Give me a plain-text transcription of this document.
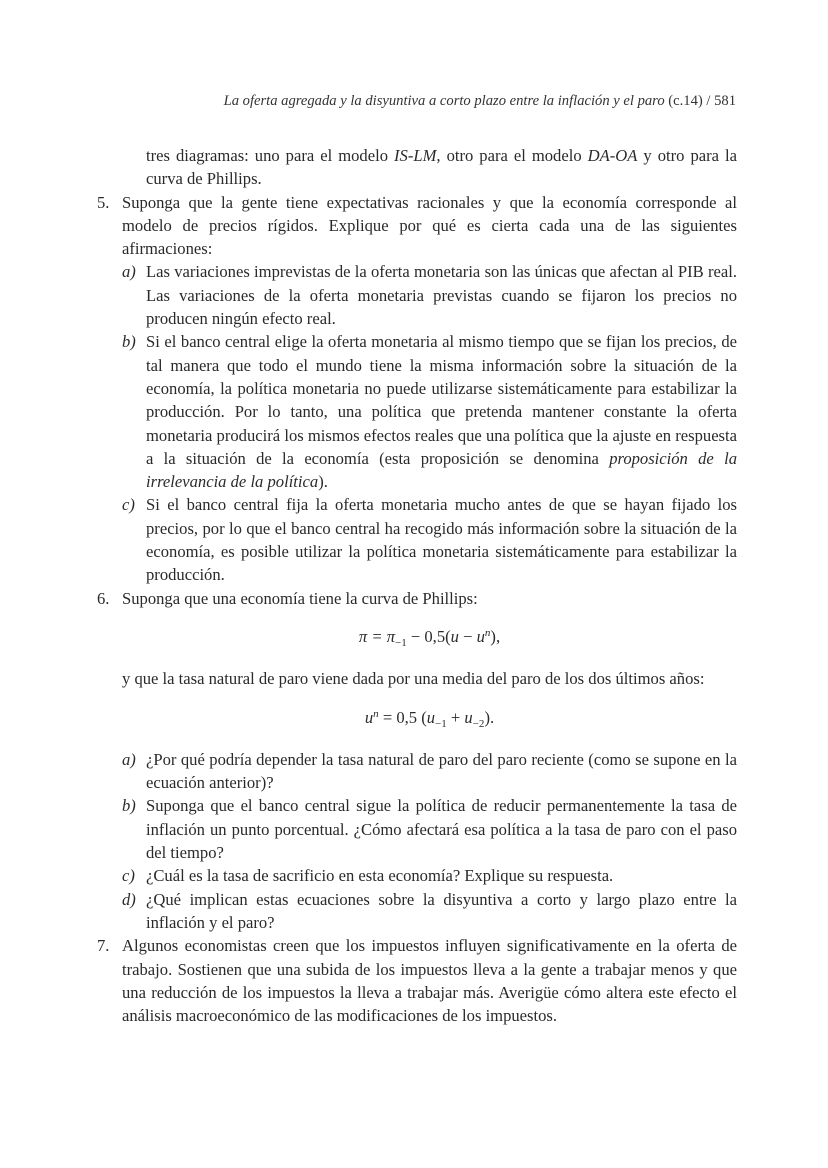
La oferta agregada y la disyuntiva a corto plazo entre la inflación y el paro (c.14) / 581

tres diagramas: uno para el modelo IS-LM, otro para el modelo DA-OA y otro para la curva de Phillips.

5. Suponga que la gente tiene expectativas racionales y que la economía corresponde al modelo de precios rígidos. Explique por qué es cierta cada una de las siguientes afirmaciones:

a) Las variaciones imprevistas de la oferta monetaria son las únicas que afectan al PIB real. Las variaciones de la oferta monetaria previstas cuando se fijaron los precios no producen ningún efecto real.

b) Si el banco central elige la oferta monetaria al mismo tiempo que se fijan los precios, de tal manera que todo el mundo tiene la misma información sobre la situación de la economía, la política monetaria no puede utilizarse sistemáticamente para estabilizar la producción. Por lo tanto, una política que pretenda mantener constante la oferta monetaria producirá los mismos efectos reales que una política que la ajuste en respuesta a la situación de la economía (esta proposición se denomina proposición de la irrelevancia de la política).

c) Si el banco central fija la oferta monetaria mucho antes de que se hayan fijado los precios, por lo que el banco central ha recogido más información sobre la situación de la economía, es posible utilizar la política monetaria sistemáticamente para estabilizar la producción.

6. Suponga que una economía tiene la curva de Phillips:

$\pi = \pi_{-1} - 0,5(u - u^n)$,

y que la tasa natural de paro viene dada por una media del paro de los dos últimos años:

$u^n = 0,5$ $(u_{-1} + u_{-2})$.
a) ¿Por qué podría depender la tasa natural de paro del paro reciente (como se supone en la ecuación anterior)?

b) Suponga que el banco central sigue la política de reducir permanentemente la tasa de inflación un punto porcentual. ¿Cómo afectará esa política a la tasa de paro con el paso del tiempo?

c) ¿Cuál es la tasa de sacrificio en esta economía? Explique su respuesta.

d) ¿Qué implican estas ecuaciones sobre la disyuntiva a corto y largo plazo entre la inflación y el paro?

7. Algunos economistas creen que los impuestos influyen significativamente en la oferta de trabajo. Sostienen que una subida de los impuestos lleva a la gente a trabajar menos y que una reducción de los impuestos la lleva a trabajar más. Averigüe cómo altera este efecto el análisis macroeconómico de las modificaciones de los impuestos.
